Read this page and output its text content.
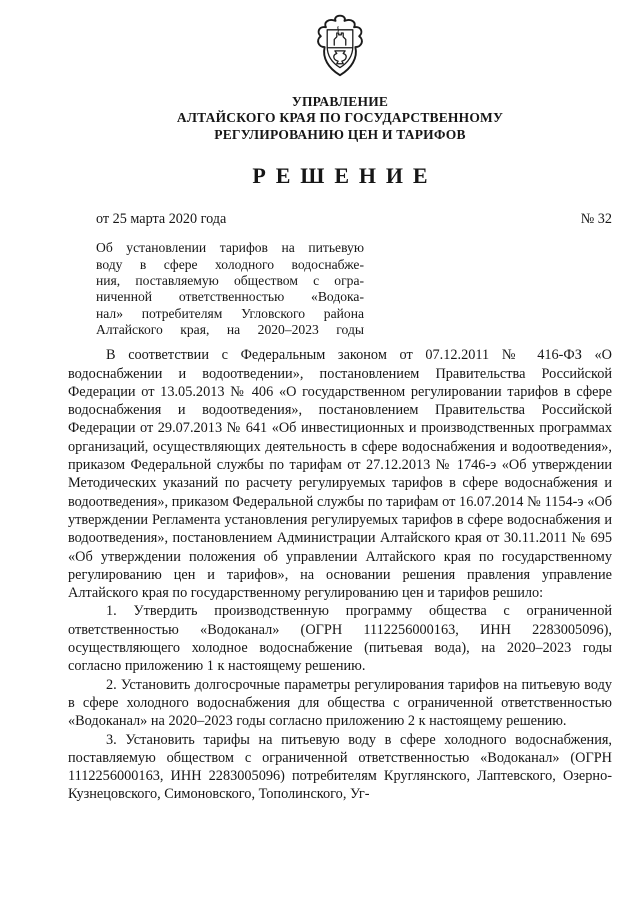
УПРАВЛЕНИЕ
АЛТАЙСКОГО КРАЯ ПО ГОСУДАРСТВЕННОМУ
РЕГУЛИРОВАНИЮ ЦЕН И ТАРИФОВ
РЕШЕНИЕ
от 25 марта 2020 года	№ 32
Об установлении тарифов на питьевую
воду в сфере холодного водоснабже-
ния, поставляемую обществом с огра-
ниченной ответственностью «Водока-
нал» потребителям Угловского района
Алтайского края, на 2020–2023 годы

В соответствии с Федеральным законом от 07.12.2011 № 416-ФЗ «О водоснабжении и водоотведении», постановлением Правительства Российской Федерации от 13.05.2013 № 406 «О государственном регулировании тарифов в сфере водоснабжения и водоотведения», постановлением Правительства Российской Федерации от 29.07.2013 № 641 «Об инвестиционных и производственных программах организаций, осуществляющих деятельность в сфере водоснабжения и водоотведения», приказом Федеральной службы по тарифам от 27.12.2013 № 1746-э «Об утверждении Методических указаний по расчету регулируемых тарифов в сфере водоснабжения и водоотведения», приказом Федеральной службы по тарифам от 16.07.2014 № 1154-э «Об утверждении Регламента установления регулируемых тарифов в сфере водоснабжения и водоотведения», постановлением Администрации Алтайского края от 30.11.2011 № 695 «Об утверждении положения об управлении Алтайского края по государственному регулированию цен и тарифов», на основании решения правления управление Алтайского края по государственному регулированию цен и тарифов решило:

1. Утвердить производственную программу общества с ограниченной ответственностью «Водоканал» (ОГРН 1112256000163, ИНН 2283005096), осуществляющего холодное водоснабжение (питьевая вода), на 2020–2023 годы согласно приложению 1 к настоящему решению.

2. Установить долгосрочные параметры регулирования тарифов на питьевую воду в сфере холодного водоснабжения для общества с ограниченной ответственностью «Водоканал» на 2020–2023 годы согласно приложению 2 к настоящему решению.

3. Установить тарифы на питьевую воду в сфере холодного водоснабжения, поставляемую обществом с ограниченной ответственностью «Водоканал» (ОГРН 1112256000163, ИНН 2283005096) потребителям Круглянского, Лаптевского, Озерно-Кузнецовского, Симоновского, Тополинского, Уг-
